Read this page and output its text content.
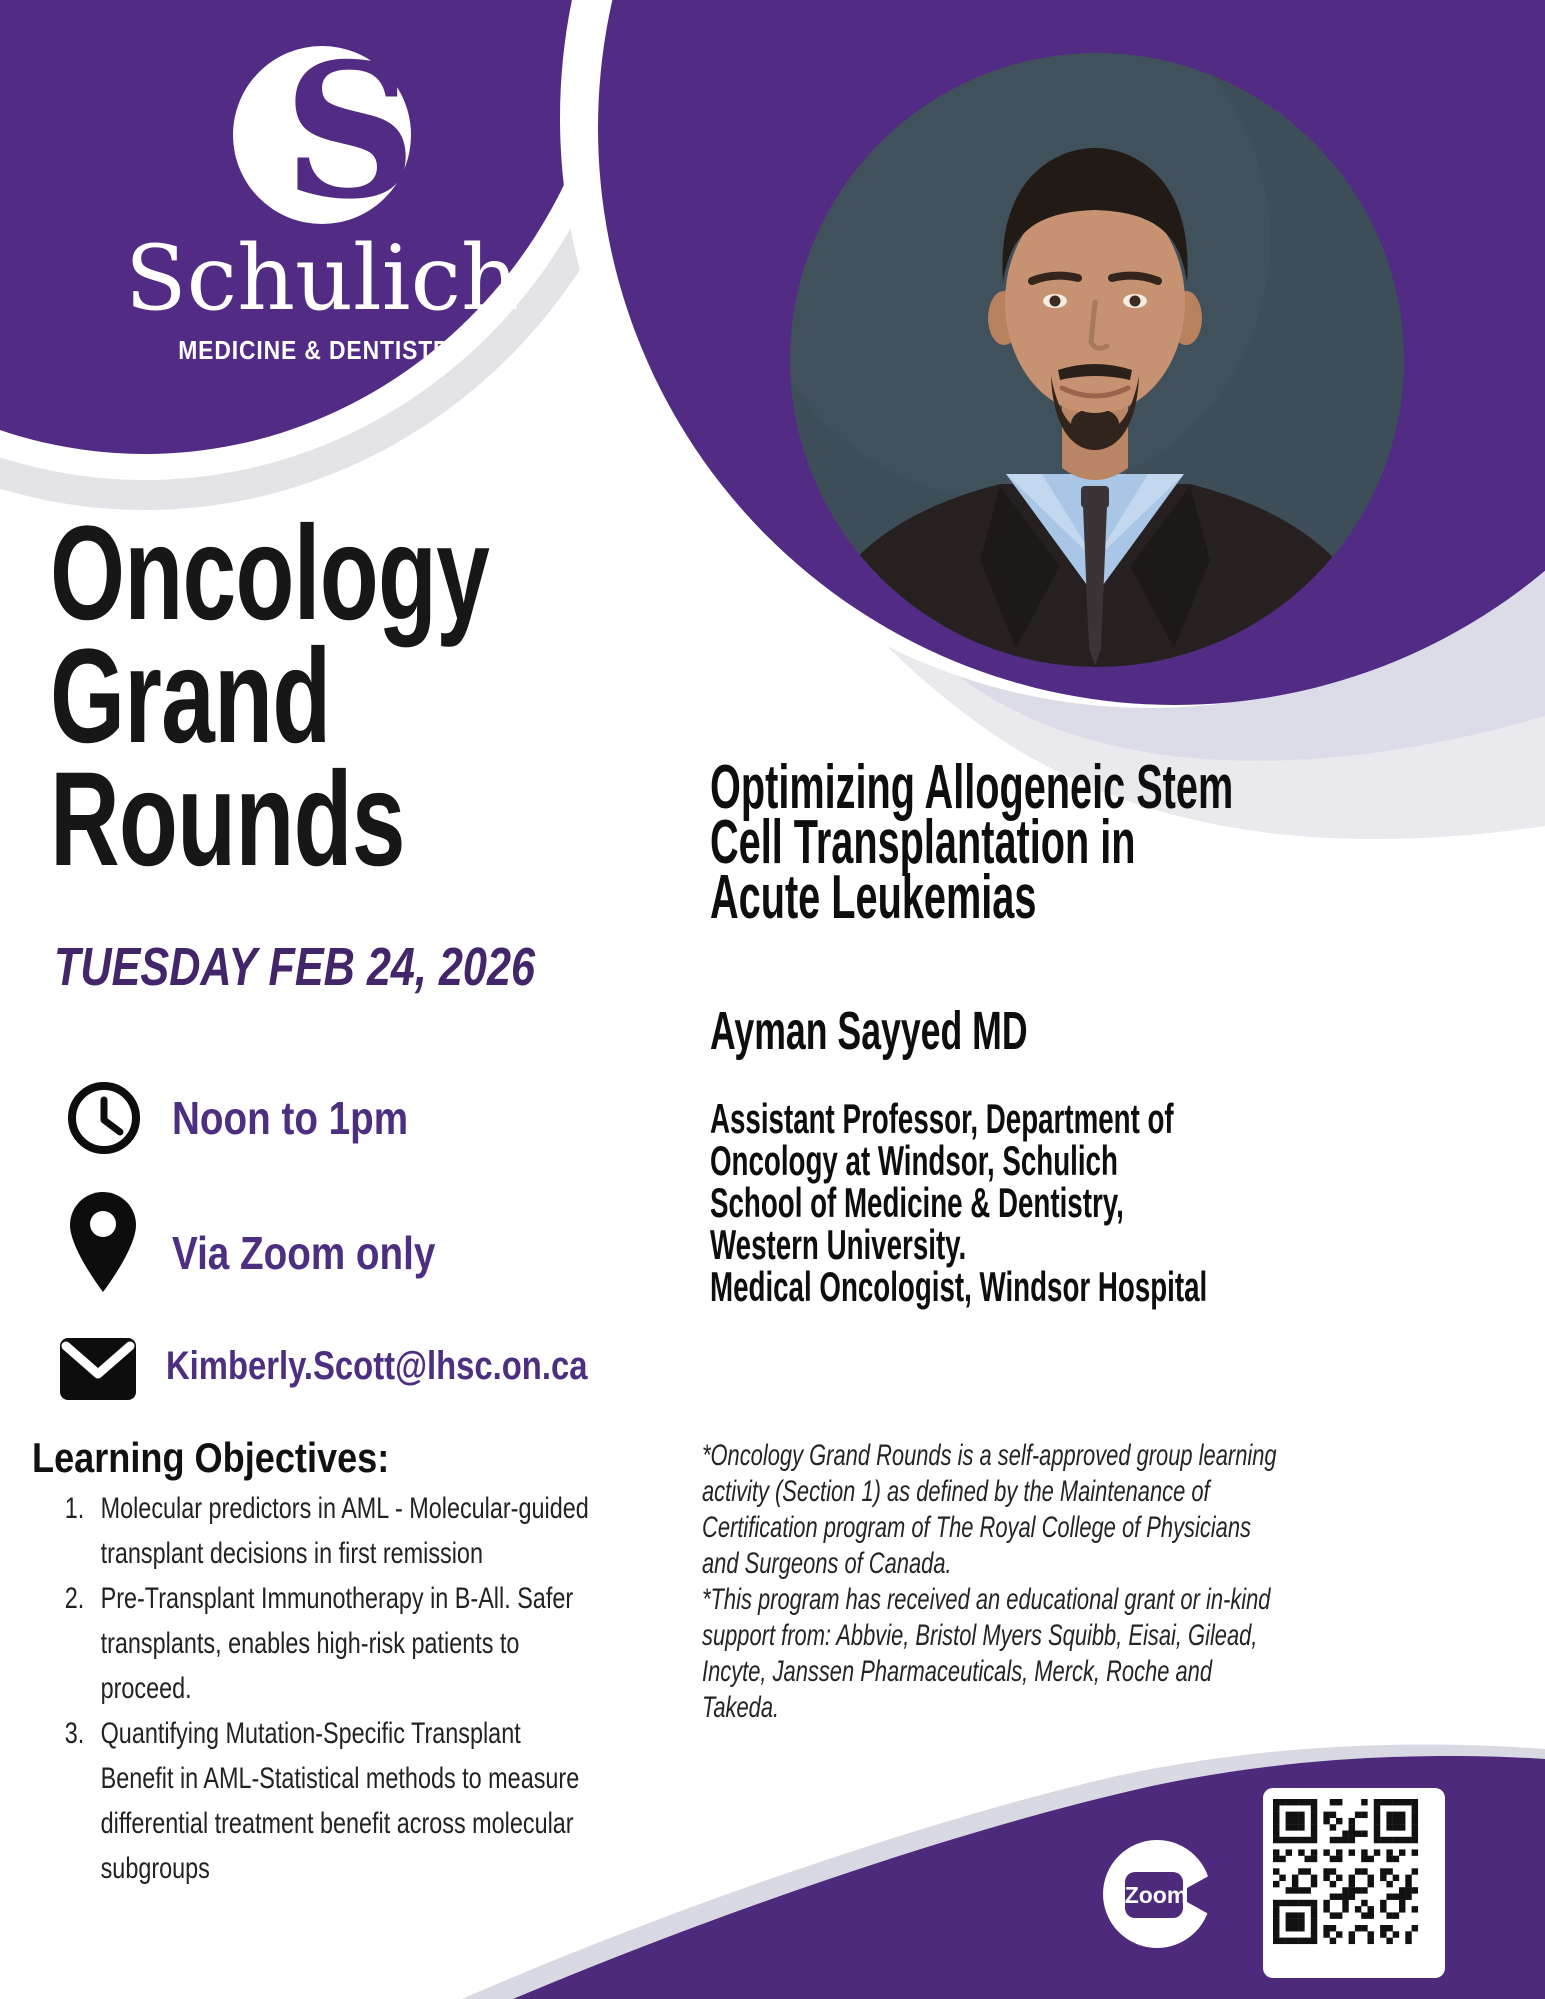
S
Schulich
MEDICINE & DENTISTRY
Oncology
Grand
Rounds
TUESDAY FEB 24, 2026
Noon to 1pm
Via Zoom only
Kimberly.Scott@lhsc.on.ca
Learning Objectives:
1. Molecular predictors in AML - Molecular-guided transplant decisions in first remission
2. Pre-Transplant Immunotherapy in B-All. Safer transplants, enables high-risk patients to proceed.
3. Quantifying Mutation-Specific Transplant Benefit in AML-Statistical methods to measure differential treatment benefit across molecular subgroups
Optimizing Allogeneic Stem
Cell Transplantation in
Acute Leukemias
Ayman Sayyed MD
Assistant Professor, Department of
Oncology at Windsor, Schulich
School of Medicine & Dentistry,
Western University.
Medical Oncologist, Windsor Hospital

*Oncology Grand Rounds is a self-approved group learning activity (Section 1) as defined by the Maintenance of Certification program of The Royal College of Physicians and Surgeons of Canada.

*This program has received an educational grant or in-kind support from: Abbvie, Bristol Myers Squibb, Eisai, Gilead, Incyte, Janssen Pharmaceuticals, Merck, Roche and Takeda.

Zoom
